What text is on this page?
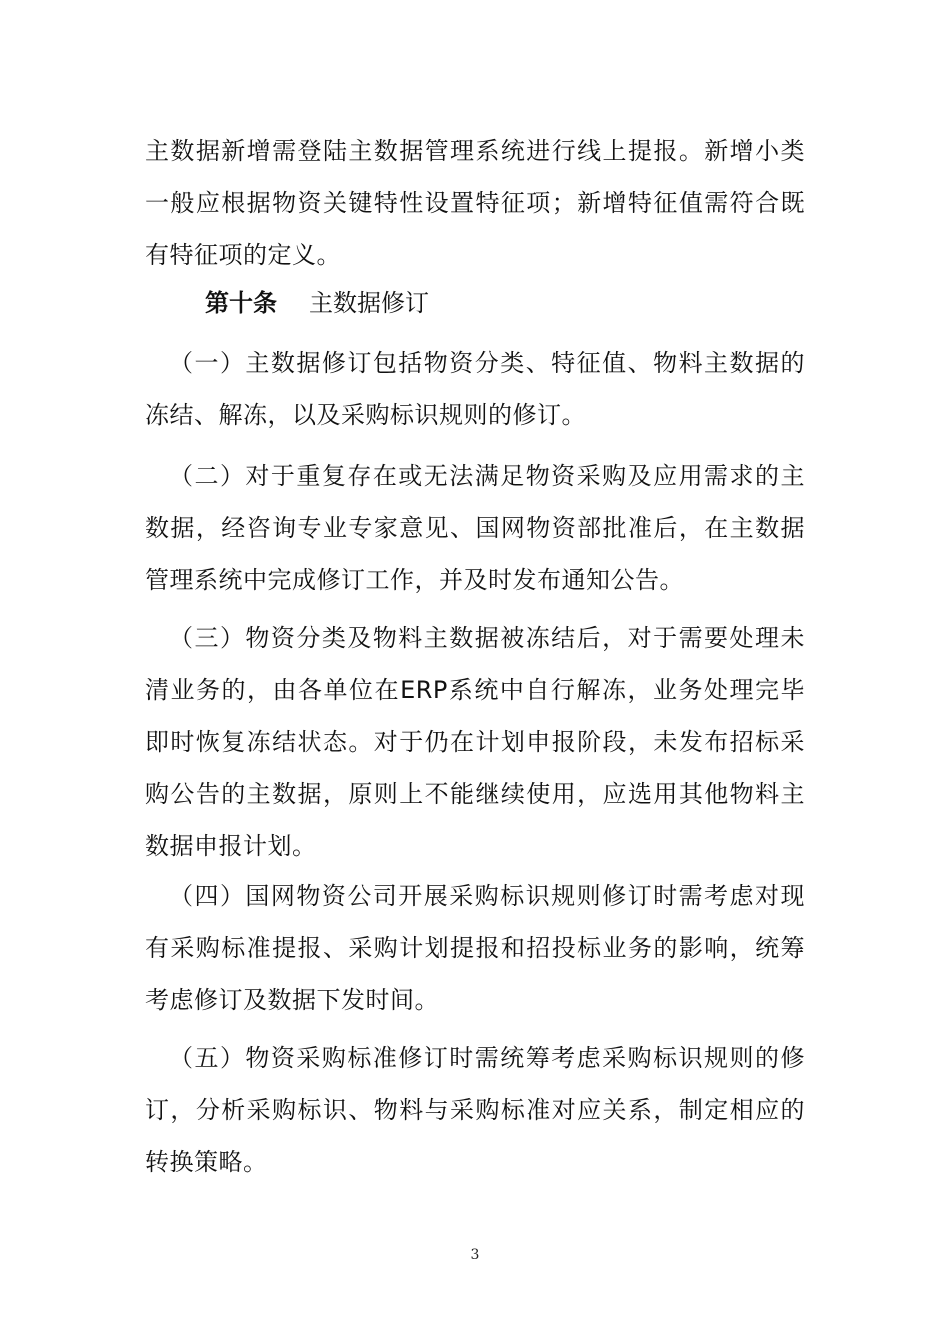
主数据新增需登陆主数据管理系统进行线上提报。新增小类一般应根据物资关键特性设置特征项；新增特征值需符合既有特征项的定义。
第十条 主数据修订
（一）主数据修订包括物资分类、特征值、物料主数据的冻结、解冻，以及采购标识规则的修订。
（二）对于重复存在或无法满足物资采购及应用需求的主数据，经咨询专业专家意见、国网物资部批准后，在主数据管理系统中完成修订工作，并及时发布通知公告。
（三）物资分类及物料主数据被冻结后，对于需要处理未清业务的，由各单位在ERP系统中自行解冻，业务处理完毕即时恢复冻结状态。对于仍在计划申报阶段，未发布招标采购公告的主数据，原则上不能继续使用，应选用其他物料主数据申报计划。
（四）国网物资公司开展采购标识规则修订时需考虑对现有采购标准提报、采购计划提报和招投标业务的影响，统筹考虑修订及数据下发时间。
（五）物资采购标准修订时需统筹考虑采购标识规则的修订，分析采购标识、物料与采购标准对应关系，制定相应的转换策略。
3
